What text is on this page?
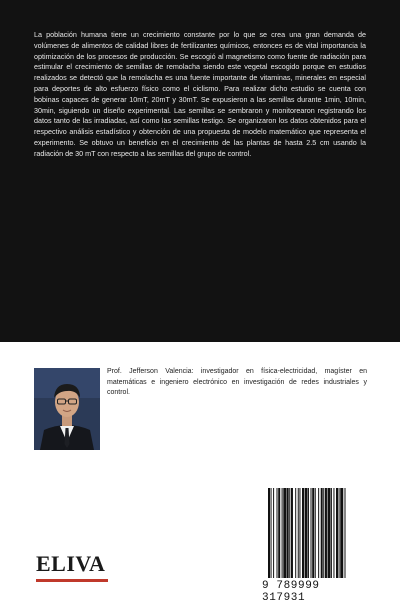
La población humana tiene un crecimiento constante por lo que se crea una gran demanda de volúmenes de alimentos de calidad libres de fertilizantes químicos, entonces es de vital importancia la optimización de los procesos de producción. Se escogió al magnetismo como fuente de radiación para estimular el crecimiento de semillas de remolacha siendo este vegetal escogido porque en estudios realizados se detectó que la remolacha es una fuente importante de vitaminas, minerales en especial para deportes de alto esfuerzo físico como el ciclismo. Para realizar dicho estudio se cuenta con bobinas capaces de generar 10mT, 20mT y 30mT. Se expusieron a las semillas durante 1min, 10min, 30min, siguiendo un diseño experimental. Las semillas se sembraron y monitorearon registrando los datos tanto de las irradiadas, así como las semillas testigo. Se organizaron los datos obtenidos para el respectivo análisis estadístico y obtención de una propuesta de modelo matemático que representa el experimento. Se obtuvo un beneficio en el crecimiento de las plantas de hasta 2.5 cm usando la radiación de 30 mT con respecto a las semillas del grupo de control.

Prof. Jefferson Valencia: investigador en física-electricidad, magíster en matemáticas e ingeniero electrónico en investigación de redes industriales y control.

9 789999 317931
ELIVA
